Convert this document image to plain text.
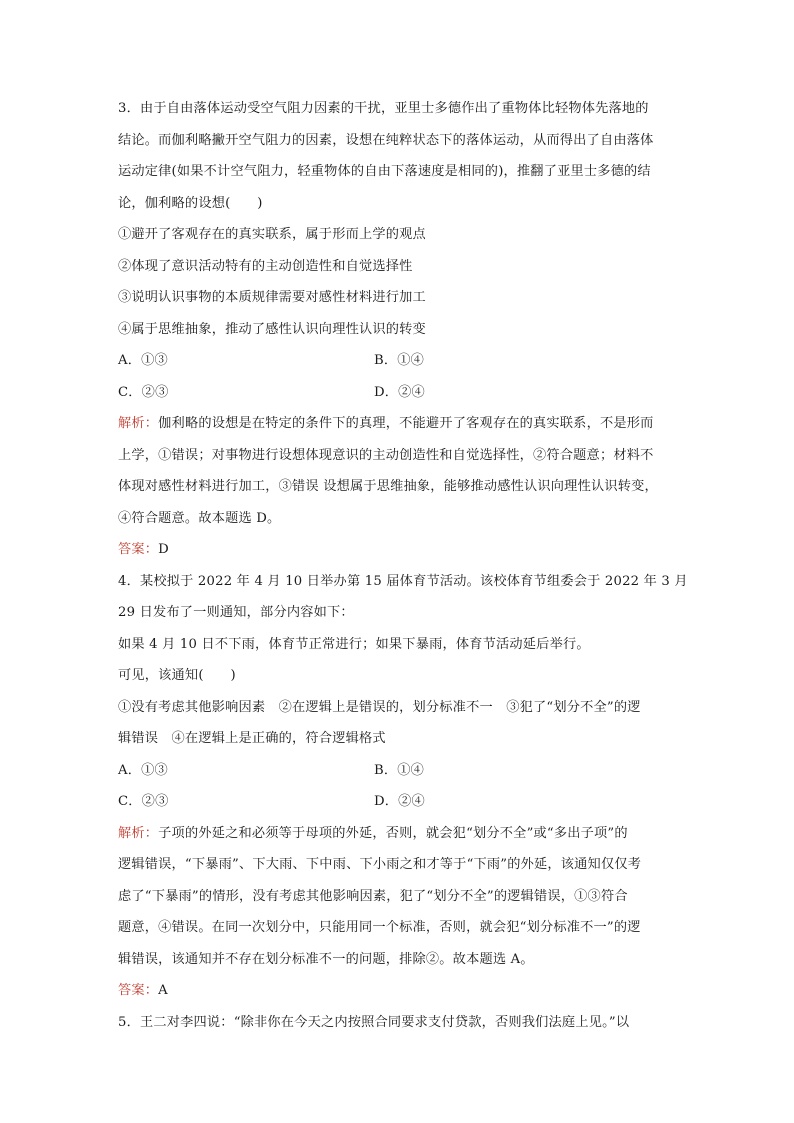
3．由于自由落体运动受空气阻力因素的干扰，亚里士多德作出了重物体比轻物体先落地的
结论。而伽利略撇开空气阻力的因素，设想在纯粹状态下的落体运动，从而得出了自由落体
运动定律(如果不计空气阻力，轻重物体的自由下落速度是相同的)，推翻了亚里士多德的结
论，伽利略的设想(　　)
①避开了客观存在的真实联系，属于形而上学的观点
②体现了意识活动特有的主动创造性和自觉选择性
③说明认识事物的本质规律需要对感性材料进行加工
④属于思维抽象，推动了感性认识向理性认识的转变
A．①③	B．①④
C．②③	D．②④
解析：伽利略的设想是在特定的条件下的真理，不能避开了客观存在的真实联系，不是形而
上学，①错误；对事物进行设想体现意识的主动创造性和自觉选择性，②符合题意；材料不
体现对感性材料进行加工，③错误 设想属于思维抽象，能够推动感性认识向理性认识转变，
④符合题意。故本题选 D。
答案：D
4．某校拟于 2022 年 4 月 10 日举办第 15 届体育节活动。该校体育节组委会于 2022 年 3 月
29 日发布了一则通知，部分内容如下：
如果 4 月 10 日不下雨，体育节正常进行；如果下暴雨，体育节活动延后举行。
可见，该通知(　　)
①没有考虑其他影响因素　②在逻辑上是错误的，划分标准不一　③犯了“划分不全”的逻
辑错误　④在逻辑上是正确的，符合逻辑格式
A．①③	B．①④
C．②③	D．②④
解析：子项的外延之和必须等于母项的外延，否则，就会犯“划分不全”或“多出子项”的
逻辑错误，“下暴雨”、下大雨、下中雨、下小雨之和才等于“下雨”的外延，该通知仅仅考
虑了“下暴雨”的情形，没有考虑其他影响因素，犯了“划分不全”的逻辑错误，①③符合
题意，④错误。在同一次划分中，只能用同一个标准，否则，就会犯“划分标准不一”的逻
辑错误，该通知并不存在划分标准不一的问题，排除②。故本题选 A。
答案：A
5．王二对李四说：“除非你在今天之内按照合同要求支付贷款，否则我们法庭上见。”以
